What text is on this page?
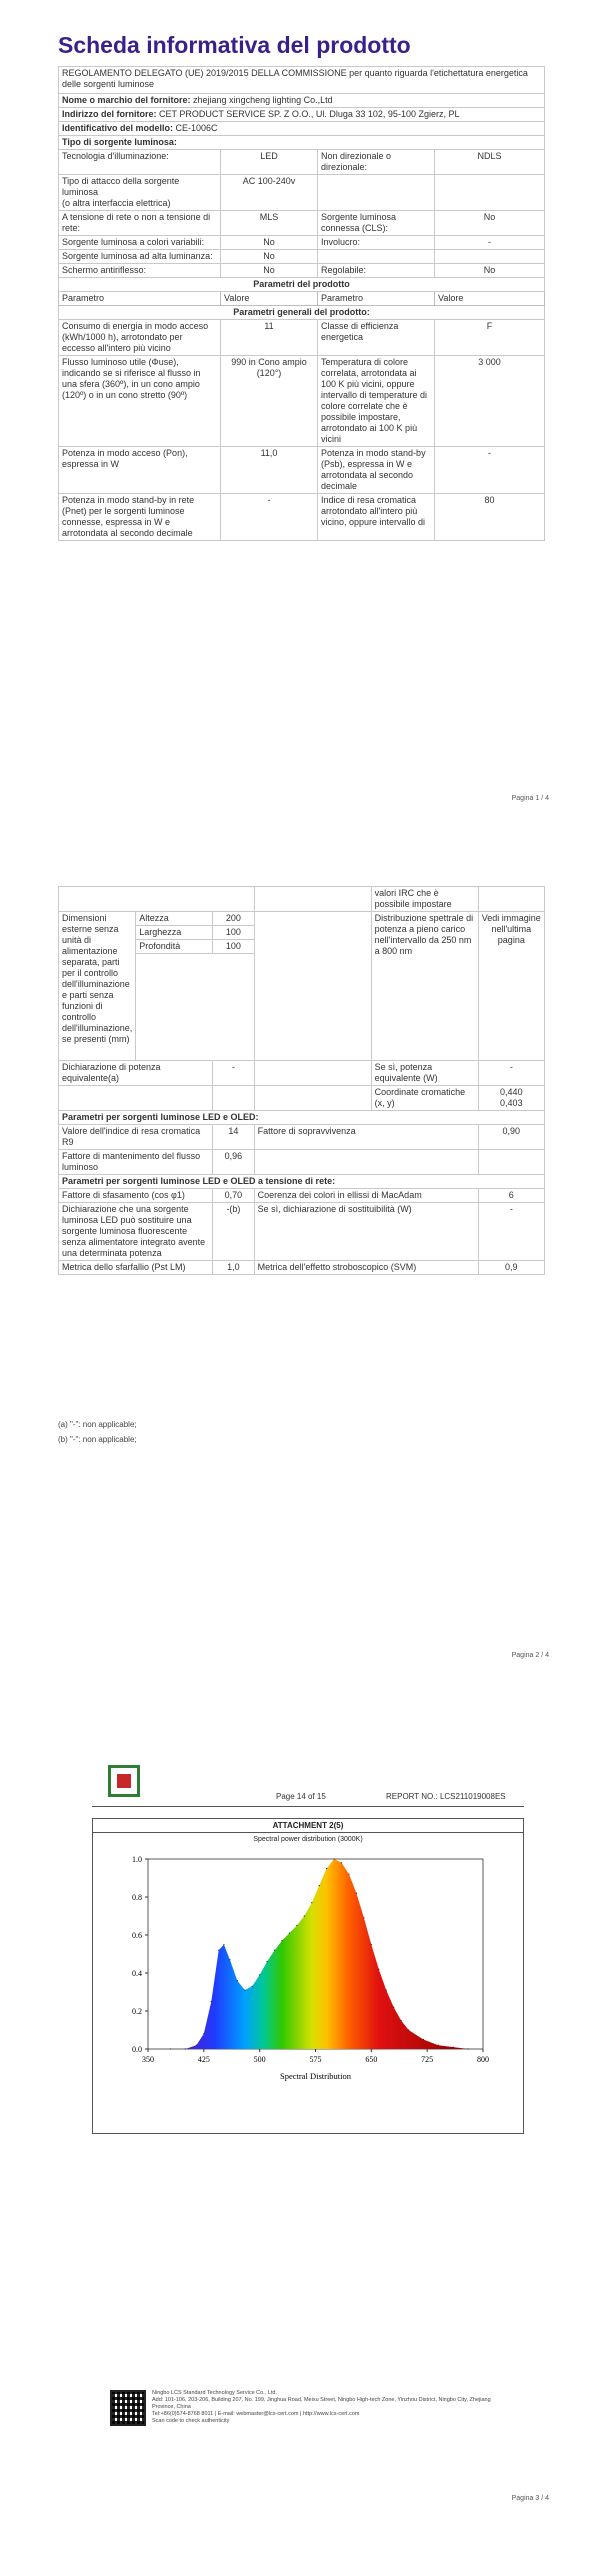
Scheda informativa del prodotto
REGOLAMENTO DELEGATO (UE) 2019/2015 DELLA COMMISSIONE per quanto riguarda l'etichettatura energetica delle sorgenti luminose			
Nome o marchio del fornitore: zhejiang xingcheng lighting Co.,Ltd			
Indirizzo del fornitore: CET PRODUCT SERVICE SP. Z O.O., Ul. Dluga 33 102, 95-100 Zgierz, PL			
Identificativo del modello: CE-1006C			
Tipo di sorgente luminosa:			
Tecnologia d'illuminazione:	LED	Non direzionale o direzionale:	NDLS
Tipo di attacco della sorgente luminosa
(o altra interfaccia elettrica)	AC 100-240v		
A tensione di rete o non a tensione di rete:	MLS	Sorgente luminosa connessa (CLS):	No
Sorgente luminosa a colori variabili:	No	Involucro:	-
Sorgente luminosa ad alta luminanza:	No		
Schermo antiriflesso:	No	Regolabile:	No
Parametri del prodotto			
Parametro	Valore	Parametro	Valore
Parametri generali del prodotto:			
Consumo di energia in modo acceso (kWh/1000 h), arrotondato per eccesso all'intero più vicino	11	Classe di efficienza energetica	F
Flusso luminoso utile (Φuse), indicando se si riferisce al flusso in una sfera (360º), in un cono ampio (120º) o in un cono stretto (90º)	990 in Cono ampio (120°)	Temperatura di colore correlata, arrotondata ai 100 K più vicini, oppure intervallo di temperature di colore correlate che è possibile impostare, arrotondato ai 100 K più vicini	3 000
Potenza in modo acceso (Pon), espressa in W	11,0	Potenza in modo stand-by (Psb), espressa in W e arrotondata al secondo decimale	-
Potenza in modo stand-by in rete (Pnet) per le sorgenti luminose connesse, espressa in W e arrotondata al secondo decimale	-	Indice di resa cromatica arrotondato all'intero più vicino, oppure intervallo di	80
Pagina 1 / 4
				valori IRC che è possibile impostare	
Dimensioni esterne senza unità di alimentazione separata, parti per il controllo dell'illuminazione e parti senza funzioni di controllo dell'illuminazione, se presenti (mm)	Altezza	200		Distribuzione spettrale di potenza a pieno carico nell'intervallo da 250 nm a 800 nm	Vedi immagine nell'ultima pagina
	Larghezza	100			
	Profondità	100			

Dichiarazione di potenza equivalente(a)		-		Se sì, potenza equivalente (W)	-
				Coordinate cromatiche (x, y)	0,440
0,403
Parametri per sorgenti luminose LED e OLED:					
Valore dell'indice di resa cromatica R9		14	Fattore di sopravvivenza		0,90
Fattore di mantenimento del flusso luminoso		0,96			
Parametri per sorgenti luminose LED e OLED a tensione di rete:					
Fattore di sfasamento (cos φ1)		0,70	Coerenza dei colori in ellissi di MacAdam		6
Dichiarazione che una sorgente luminosa LED può sostituire una sorgente luminosa fluorescente senza alimentatore integrato avente una determinata potenza		-(b)	Se sì, dichiarazione di sostituibilità (W)		-
Metrica dello sfarfallio (Pst LM)		1,0	Metrica dell'effetto stroboscopico (SVM)		0,9
(a) "-": non applicable;
(b) "-": non applicable;
Pagina 2 / 4
Page 14 of 15	REPORT NO.: LCS211019008ES
ATTACHMENT 2(5)
Spectral power distribution (3000K)
350	425	500	575	650	725	800
0.0
0.2
0.4
0.6
0.8
1.0
Spectral Distribution
Ningbo LCS Standard Technology Service Co., Ltd.
Add: 101-106, 203-206, Building 207, No. 199, Jinghua Road, Meixu Street, Ningbo High-tech Zone, Yinzhou District, Ningbo City, Zhejiang Province, China
Tel:+86(0)574-8768 8011 | E-mail: webmaster@lcs-cert.com | http://www.lcs-cert.com
Scan code to check authenticity
Pagina 3 / 4
